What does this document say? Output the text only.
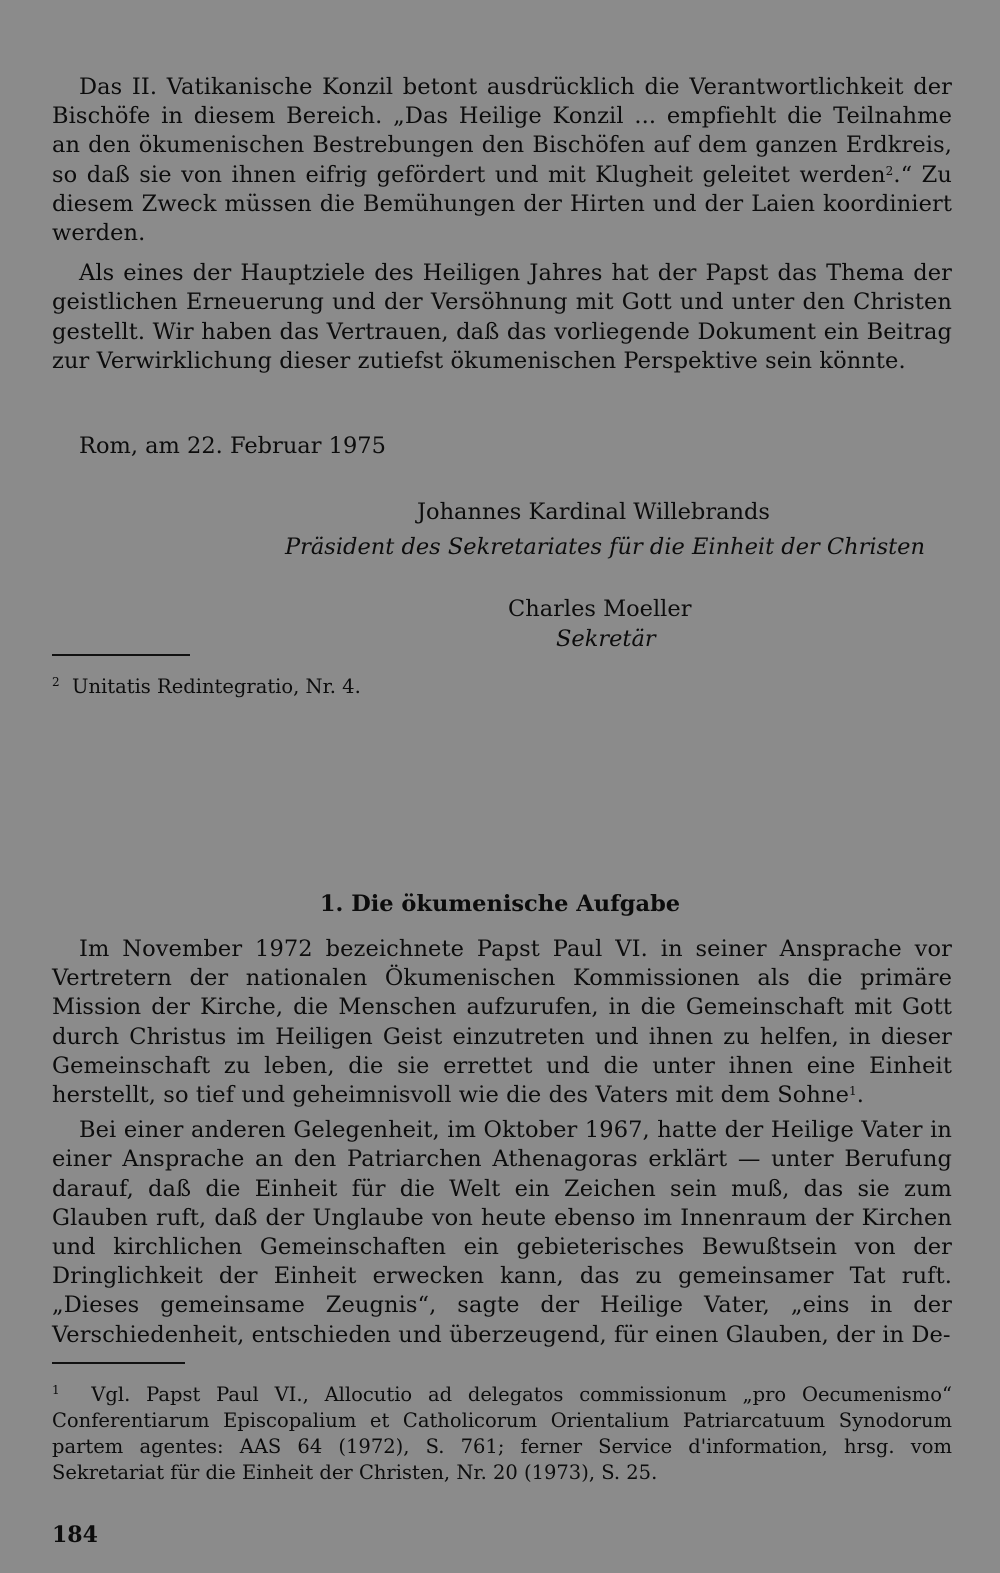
Das II. Vatikanische Konzil betont ausdrücklich die Verantwortlichkeit der Bischöfe in diesem Bereich. „Das Heilige Konzil ... empfiehlt die Teilnahme an den ökumenischen Bestrebungen den Bischöfen auf dem ganzen Erdkreis, so daß sie von ihnen eifrig gefördert und mit Klugheit geleitet werden$^2$.“ Zu diesem Zweck müssen die Bemühungen der Hirten und der Laien koordiniert werden.

Als eines der Hauptziele des Heiligen Jahres hat der Papst das Thema der geistlichen Erneuerung und der Versöhnung mit Gott und unter den Christen gestellt. Wir haben das Vertrauen, daß das vorliegende Dokument ein Beitrag zur Verwirklichung dieser zutiefst ökumenischen Perspektive sein könnte.

Rom, am 22. Februar 1975
Johannes Kardinal Willebrands
Präsident des Sekretariates für die Einheit der Christen
Charles Moeller
Sekretär

$^2$ Unitatis Redintegratio, Nr. 4.

1. Die ökumenische Aufgabe

Im November 1972 bezeichnete Papst Paul VI. in seiner Ansprache vor Vertretern der nationalen Ökumenischen Kommissionen als die primäre Mission der Kirche, die Menschen aufzurufen, in die Gemeinschaft mit Gott durch Christus im Heiligen Geist einzutreten und ihnen zu helfen, in dieser Gemeinschaft zu leben, die sie errettet und die unter ihnen eine Einheit herstellt, so tief und geheimnisvoll wie die des Vaters mit dem Sohne$^1$.

Bei einer anderen Gelegenheit, im Oktober 1967, hatte der Heilige Vater in einer Ansprache an den Patriarchen Athenagoras erklärt — unter Berufung darauf, daß die Einheit für die Welt ein Zeichen sein muß, das sie zum Glauben ruft, daß der Unglaube von heute ebenso im Innenraum der Kirchen und kirchlichen Gemeinschaften ein gebieterisches Bewußtsein von der Dringlichkeit der Einheit erwecken kann, das zu gemeinsamer Tat ruft. „Dieses gemeinsame Zeugnis“, sagte der Heilige Vater, „eins in der Verschiedenheit, entschieden und überzeugend, für einen Glauben, der in De-

$^1$ Vgl. Papst Paul VI., Allocutio ad delegatos commissionum „pro Oecumenismo“ Conferentiarum Episcopalium et Catholicorum Orientalium Patriarcatuum Synodorum partem agentes: AAS 64 (1972), S. 761; ferner Service d'information, hrsg. vom Sekretariat für die Einheit der Christen, Nr. 20 (1973), S. 25.

184
